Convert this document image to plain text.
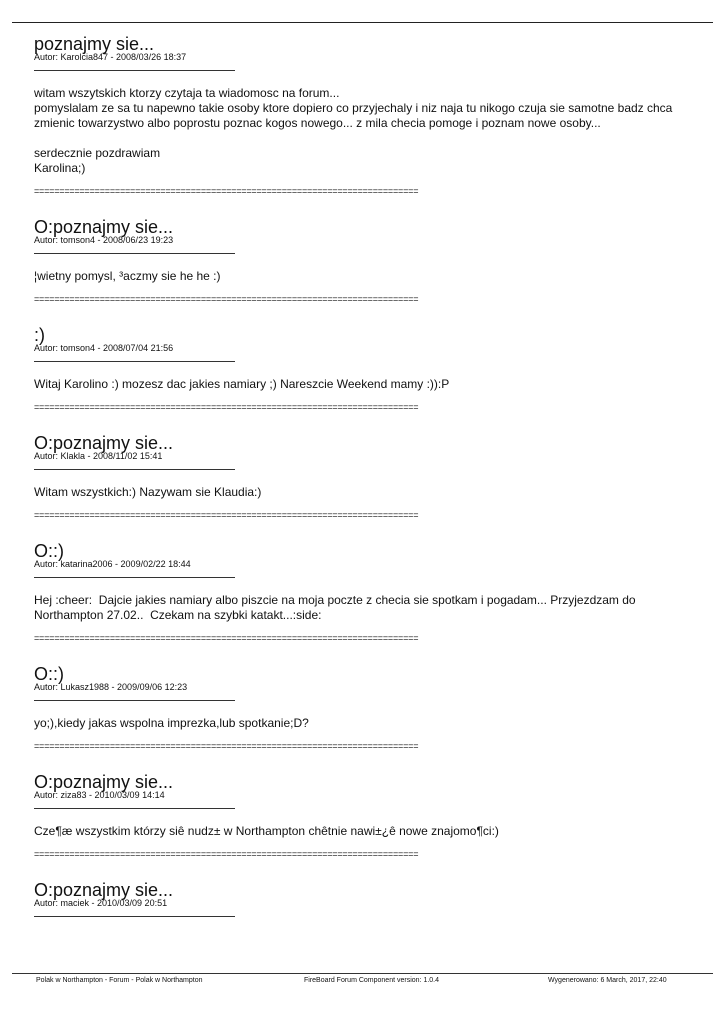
poznajmy sie...
Autor: Karolcia847 - 2008/03/26 18:37

witam wszytskich ktorzy czytaja ta wiadomosc na forum...

pomyslalam ze sa tu napewno takie osoby ktore dopiero co przyjechaly i niz naja tu nikogo czuja sie samotne badz chca zmienic towarzystwo albo poprostu poznac kogos nowego... z mila checia pomoge i poznam nowe osoby...

serdecznie pozdrawiam

Karolina;)

============================================================================
O:poznajmy sie...
Autor: tomson4 - 2008/06/23 19:23

¦wietny pomysl, ³aczmy sie he he :)

============================================================================
:)
Autor: tomson4 - 2008/07/04 21:56

Witaj Karolino :) mozesz dac jakies namiary ;) Nareszcie Weekend mamy :)):P

============================================================================
O:poznajmy sie...
Autor: Klakla - 2008/11/02 15:41

Witam wszystkich:) Nazywam sie Klaudia:)

============================================================================
O::)
Autor: katarina2006 - 2009/02/22 18:44

Hej :cheer:  Dajcie jakies namiary albo piszcie na moja poczte z checia sie spotkam i pogadam... Przyjezdzam do Northampton 27.02..  Czekam na szybki katakt...:side:

============================================================================
O::)
Autor: Lukasz1988 - 2009/09/06 12:23

yo;),kiedy jakas wspolna imprezka,lub spotkanie;D?

============================================================================
O:poznajmy sie...
Autor: ziza83 - 2010/03/09 14:14

Cze¶æ wszystkim którzy siê nudz± w Northampton chêtnie nawi±¿ê nowe znajomo¶ci:)

============================================================================
O:poznajmy sie...
Autor: maciek - 2010/03/09 20:51
Polak w Northampton - Forum - Polak w Northampton	FireBoard Forum Component version: 1.0.4	Wygenerowano: 6 March, 2017, 22:40
